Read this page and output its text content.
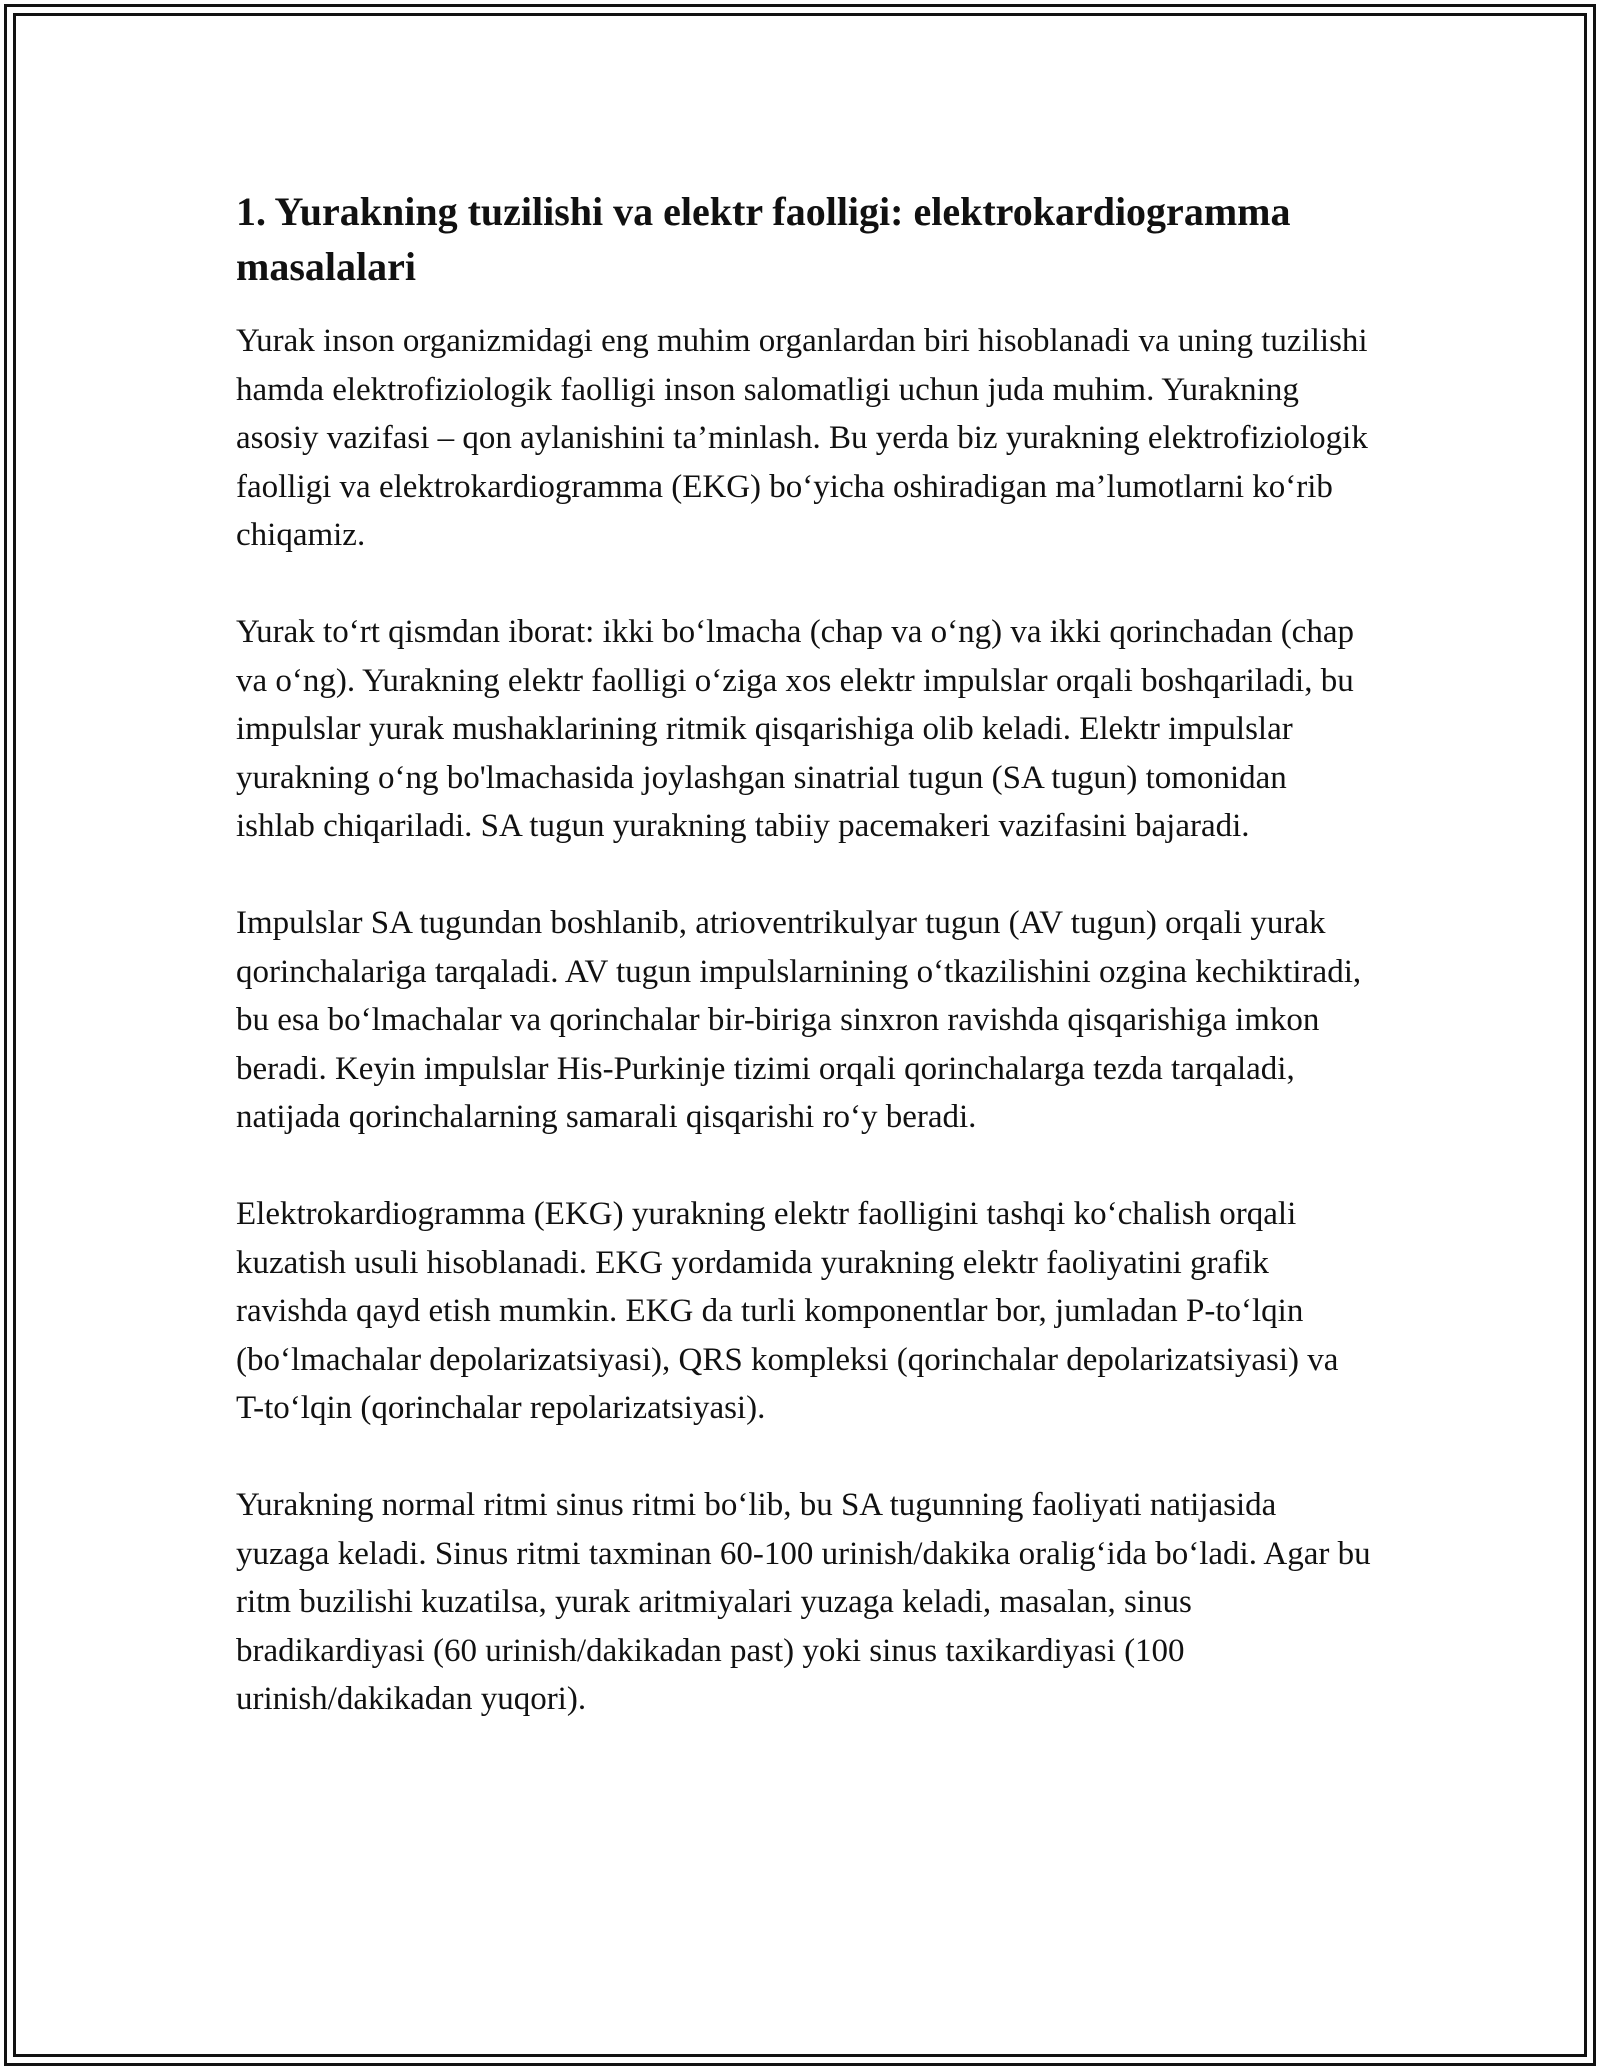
1. Yurakning tuzilishi va elektr faolligi: elektrokardiogramma masalalari

Yurak inson organizmidagi eng muhim organlardan biri hisoblanadi va uning tuzilishi hamda elektrofiziologik faolligi inson salomatligi uchun juda muhim. Yurakning asosiy vazifasi – qon aylanishini ta’minlash. Bu yerda biz yurakning elektrofiziologik faolligi va elektrokardiogramma (EKG) bo‘yicha oshiradigan ma’lumotlarni ko‘rib chiqamiz.

Yurak to‘rt qismdan iborat: ikki bo‘lmacha (chap va o‘ng) va ikki qorinchadan (chap va o‘ng). Yurakning elektr faolligi o‘ziga xos elektr impulslar orqali boshqariladi, bu impulslar yurak mushaklarining ritmik qisqarishiga olib keladi. Elektr impulslar yurakning o‘ng bo'lmachasida joylashgan sinatrial tugun (SA tugun) tomonidan ishlab chiqariladi. SA tugun yurakning tabiiy pacemakeri vazifasini bajaradi.

Impulslar SA tugundan boshlanib, atrioventrikulyar tugun (AV tugun) orqali yurak qorinchalariga tarqaladi. AV tugun impulslarnining o‘tkazilishini ozgina kechiktiradi, bu esa bo‘lmachalar va qorinchalar bir-biriga sinxron ravishda qisqarishiga imkon beradi. Keyin impulslar His-Purkinje tizimi orqali qorinchalarga tezda tarqaladi, natijada qorinchalarning samarali qisqarishi ro‘y beradi.

Elektrokardiogramma (EKG) yurakning elektr faolligini tashqi ko‘chalish orqali kuzatish usuli hisoblanadi. EKG yordamida yurakning elektr faoliyatini grafik ravishda qayd etish mumkin. EKG da turli komponentlar bor, jumladan P-to‘lqin (bo‘lmachalar depolarizatsiyasi), QRS kompleksi (qorinchalar depolarizatsiyasi) va T-to‘lqin (qorinchalar repolarizatsiyasi).

Yurakning normal ritmi sinus ritmi bo‘lib, bu SA tugunning faoliyati natijasida yuzaga keladi. Sinus ritmi taxminan 60-100 urinish/dakika oralig‘ida bo‘ladi. Agar bu ritm buzilishi kuzatilsa, yurak aritmiyalari yuzaga keladi, masalan, sinus bradikardiyasi (60 urinish/dakikadan past) yoki sinus taxikardiyasi (100 urinish/dakikadan yuqori).
